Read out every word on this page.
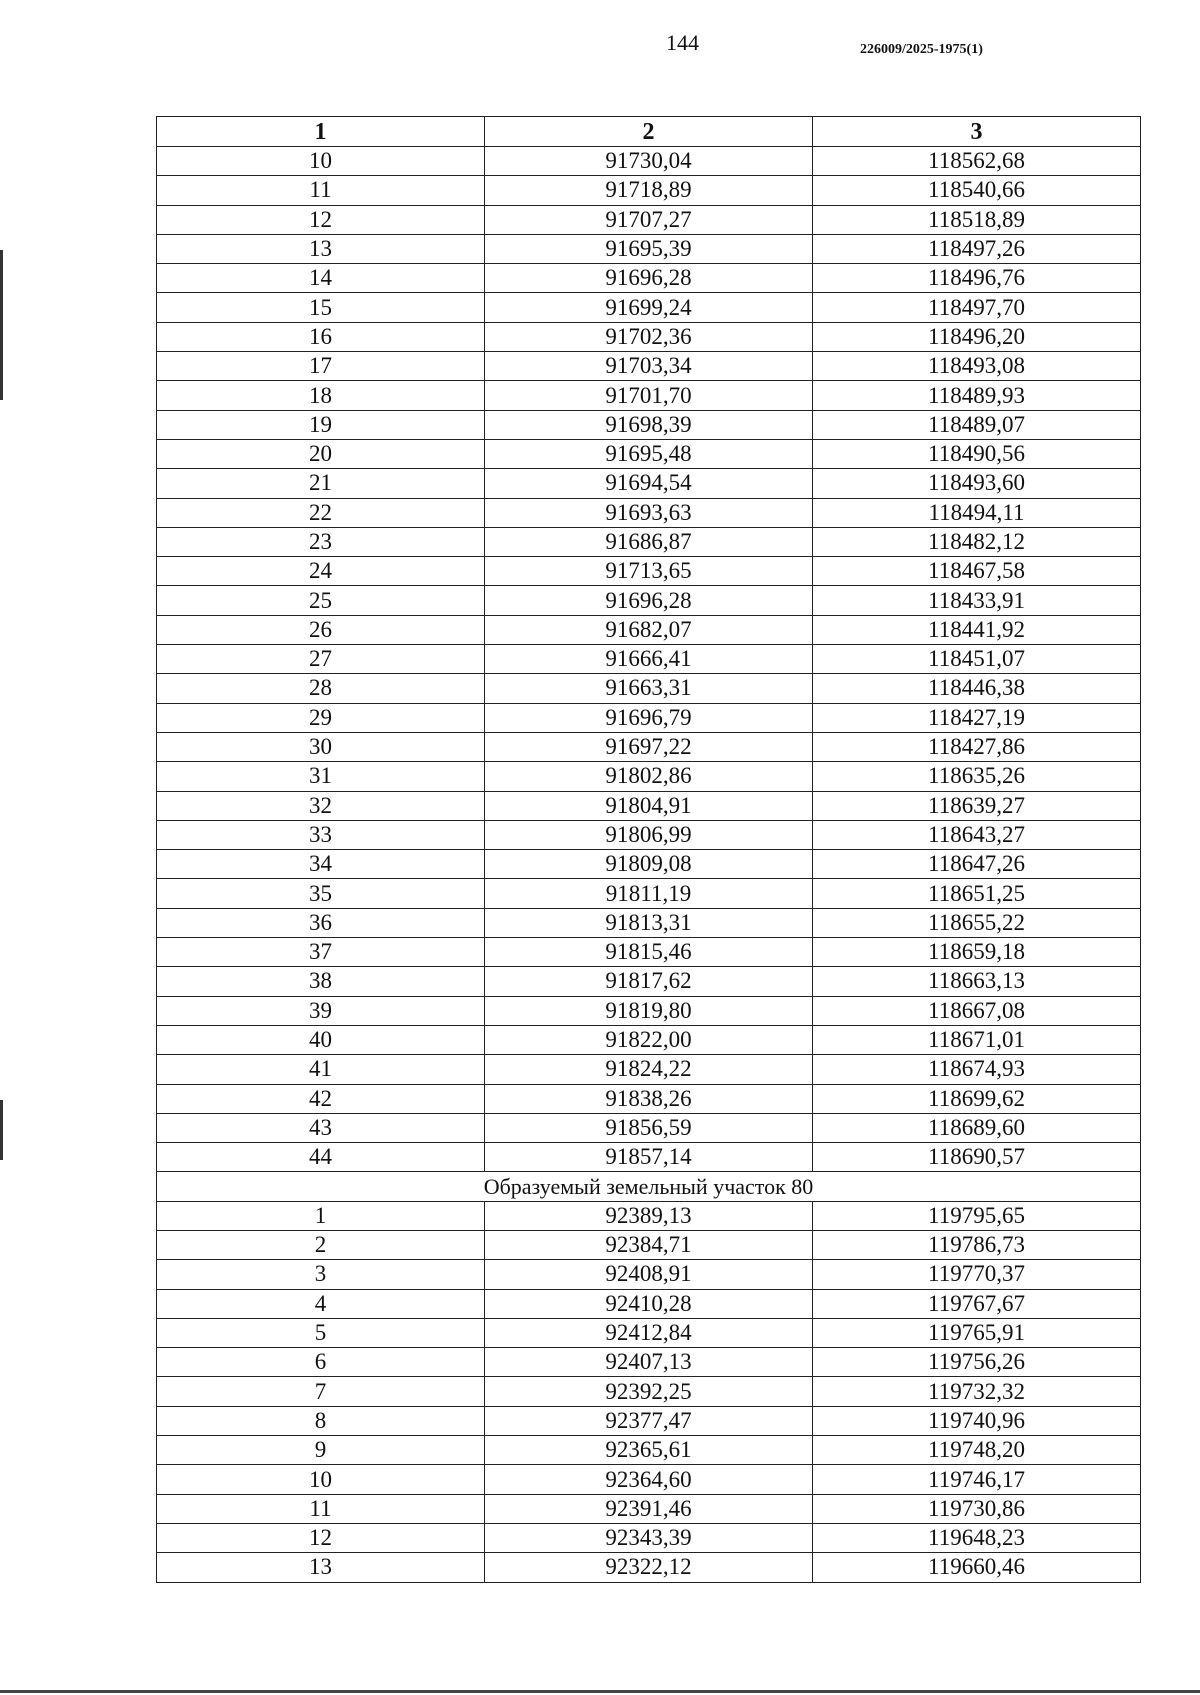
144	226009/2025-1975(1)
1	2	3
10	91730,04	118562,68
11	91718,89	118540,66
12	91707,27	118518,89
13	91695,39	118497,26
14	91696,28	118496,76
15	91699,24	118497,70
16	91702,36	118496,20
17	91703,34	118493,08
18	91701,70	118489,93
19	91698,39	118489,07
20	91695,48	118490,56
21	91694,54	118493,60
22	91693,63	118494,11
23	91686,87	118482,12
24	91713,65	118467,58
25	91696,28	118433,91
26	91682,07	118441,92
27	91666,41	118451,07
28	91663,31	118446,38
29	91696,79	118427,19
30	91697,22	118427,86
31	91802,86	118635,26
32	91804,91	118639,27
33	91806,99	118643,27
34	91809,08	118647,26
35	91811,19	118651,25
36	91813,31	118655,22
37	91815,46	118659,18
38	91817,62	118663,13
39	91819,80	118667,08
40	91822,00	118671,01
41	91824,22	118674,93
42	91838,26	118699,62
43	91856,59	118689,60
44	91857,14	118690,57
Образуемый земельный участок 80		
1	92389,13	119795,65
2	92384,71	119786,73
3	92408,91	119770,37
4	92410,28	119767,67
5	92412,84	119765,91
6	92407,13	119756,26
7	92392,25	119732,32
8	92377,47	119740,96
9	92365,61	119748,20
10	92364,60	119746,17
11	92391,46	119730,86
12	92343,39	119648,23
13	92322,12	119660,46
